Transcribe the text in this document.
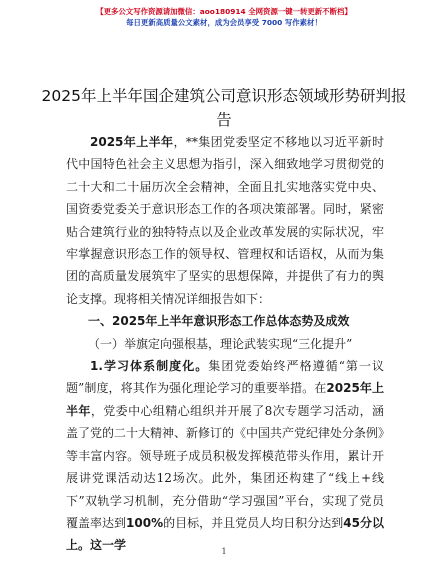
【更多公文写作资源请加微信：aoo180914 全网资源一键一转更新不断档】
每日更新高质量公文素材，成为会员享受 7000 写作素材！
2025年上半年国企建筑公司意识形态领域形势研判报告

2025年上半年，**集团党委坚定不移地以习近平新时代中国特色社会主义思想为指引，深入细致地学习贯彻党的二十大和二十届历次全会精神，全面且扎实地落实党中央、国资委党委关于意识形态工作的各项决策部署。同时，紧密贴合建筑行业的独特特点以及企业改革发展的实际状况，牢牢掌握意识形态工作的领导权、管理权和话语权，从而为集团的高质量发展筑牢了坚实的思想保障，并提供了有力的舆论支撑。现将相关情况详细报告如下：

一、2025年上半年意识形态工作总体态势及成效

（一）举旗定向强根基，理论武装实现“三化提升”

1.学习体系制度化。集团党委始终严格遵循“第一议题”制度，将其作为强化理论学习的重要举措。在2025年上半年，党委中心组精心组织并开展了8次专题学习活动，涵盖了党的二十大精神、新修订的《中国共产党纪律处分条例》等丰富内容。领导班子成员积极发挥模范带头作用，累计开展讲党课活动达12场次。此外，集团还构建了“线上+线下”双轨学习机制，充分借助“学习强国”平台，实现了党员覆盖率达到100%的目标，并且党员人均日积分达到45分以上。这一学	1
